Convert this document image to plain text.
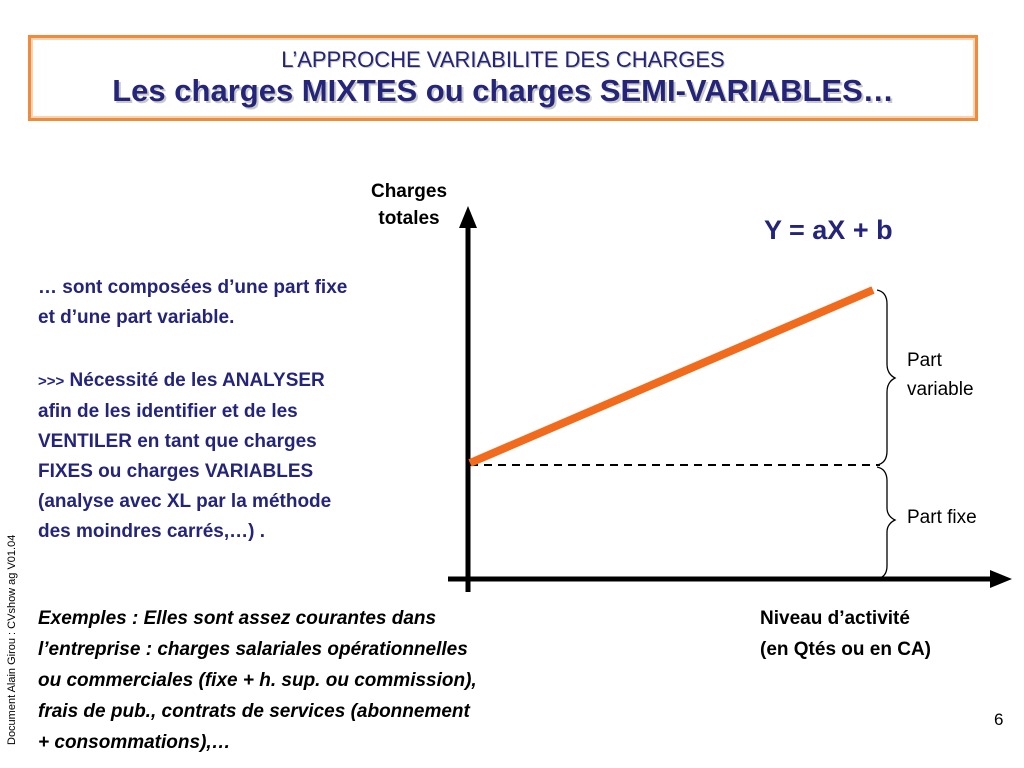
L’APPROCHE VARIABILITE DES CHARGES
Les charges MIXTES ou charges SEMI-VARIABLES…
Document Alain Girou : CVshow ag V01.04
… sont composées d’une part fixe
et d’une part variable.
>>> Nécessité de les ANALYSER
afin de les identifier et de les
VENTILER en tant que charges
FIXES ou charges VARIABLES
(analyse avec XL par la méthode
des moindres carrés,…) .
Exemples : Elles sont assez courantes dans
l’entreprise : charges salariales opérationnelles
ou commerciales (fixe + h. sup. ou commission),
frais de pub., contrats de services (abonnement
+ consommations),…
Charges
totales
Niveau d’activité
(en Qtés ou en CA)
Y = aX + b
Part
variable
Part fixe
6
